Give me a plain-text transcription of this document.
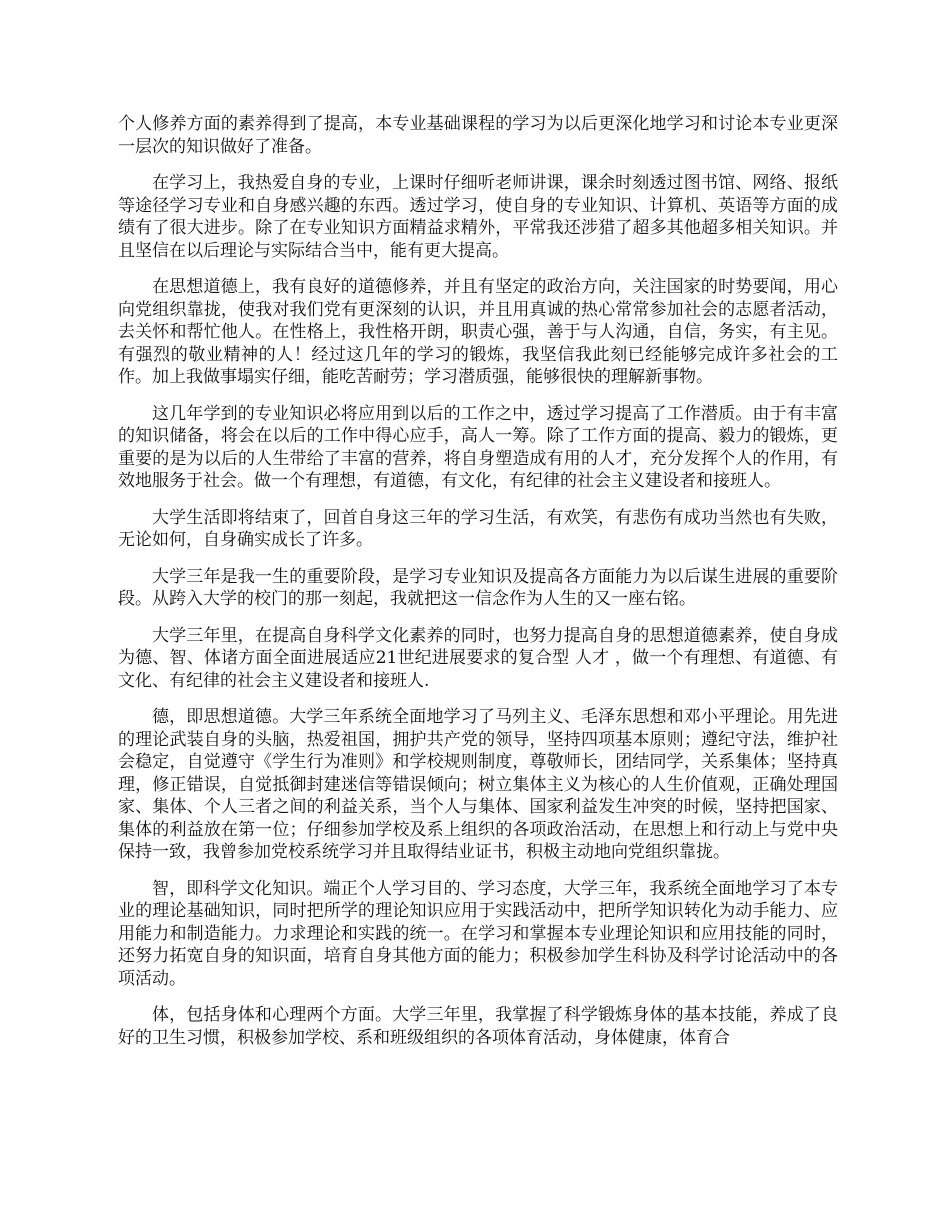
个人修养方面的素养得到了提高，本专业基础课程的学习为以后更深化地学习和讨论本专业更深一层次的知识做好了准备。

在学习上，我热爱自身的专业，上课时仔细听老师讲课，课余时刻透过图书馆、网络、报纸等途径学习专业和自身感兴趣的东西。透过学习，使自身的专业知识、计算机、英语等方面的成绩有了很大进步。除了在专业知识方面精益求精外，平常我还涉猎了超多其他超多相关知识。并且坚信在以后理论与实际结合当中，能有更大提高。

在思想道德上，我有良好的道德修养，并且有坚定的政治方向，关注国家的时势要闻，用心向党组织靠拢，使我对我们党有更深刻的认识，并且用真诚的热心常常参加社会的志愿者活动，去关怀和帮忙他人。在性格上，我性格开朗，职责心强，善于与人沟通，自信，务实，有主见。有强烈的敬业精神的人！经过这几年的学习的锻炼，我坚信我此刻已经能够完成许多社会的工作。加上我做事塌实仔细，能吃苦耐劳；学习潜质强，能够很快的理解新事物。

这几年学到的专业知识必将应用到以后的工作之中，透过学习提高了工作潜质。由于有丰富的知识储备，将会在以后的工作中得心应手，高人一筹。除了工作方面的提高、毅力的锻炼，更重要的是为以后的人生带给了丰富的营养，将自身塑造成有用的人才，充分发挥个人的作用，有效地服务于社会。做一个有理想，有道德，有文化，有纪律的社会主义建设者和接班人。

大学生活即将结束了，回首自身这三年的学习生活，有欢笑，有悲伤有成功当然也有失败，无论如何，自身确实成长了许多。

大学三年是我一生的重要阶段，是学习专业知识及提高各方面能力为以后谋生进展的重要阶段。从跨入大学的校门的那一刻起，我就把这一信念作为人生的又一座右铭。

大学三年里，在提高自身科学文化素养的同时，也努力提高自身的思想道德素养，使自身成为德、智、体诸方面全面进展适应21世纪进展要求的复合型 人才 ，做一个有理想、有道德、有文化、有纪律的社会主义建设者和接班人.

德，即思想道德。大学三年系统全面地学习了马列主义、毛泽东思想和邓小平理论。用先进的理论武装自身的头脑，热爱祖国，拥护共产党的领导，坚持四项基本原则；遵纪守法，维护社会稳定，自觉遵守《学生行为准则》和学校规则制度，尊敬师长，团结同学，关系集体；坚持真理，修正错误，自觉抵御封建迷信等错误倾向；树立集体主义为核心的人生价值观，正确处理国家、集体、个人三者之间的利益关系，当个人与集体、国家利益发生冲突的时候，坚持把国家、集体的利益放在第一位；仔细参加学校及系上组织的各项政治活动，在思想上和行动上与党中央保持一致，我曾参加党校系统学习并且取得结业证书，积极主动地向党组织靠拢。

智，即科学文化知识。端正个人学习目的、学习态度，大学三年，我系统全面地学习了本专业的理论基础知识，同时把所学的理论知识应用于实践活动中，把所学知识转化为动手能力、应用能力和制造能力。力求理论和实践的统一。在学习和掌握本专业理论知识和应用技能的同时，还努力拓宽自身的知识面，培育自身其他方面的能力；积极参加学生科协及科学讨论活动中的各项活动。

体，包括身体和心理两个方面。大学三年里，我掌握了科学锻炼身体的基本技能，养成了良好的卫生习惯，积极参加学校、系和班级组织的各项体育活动，身体健康，体育合
